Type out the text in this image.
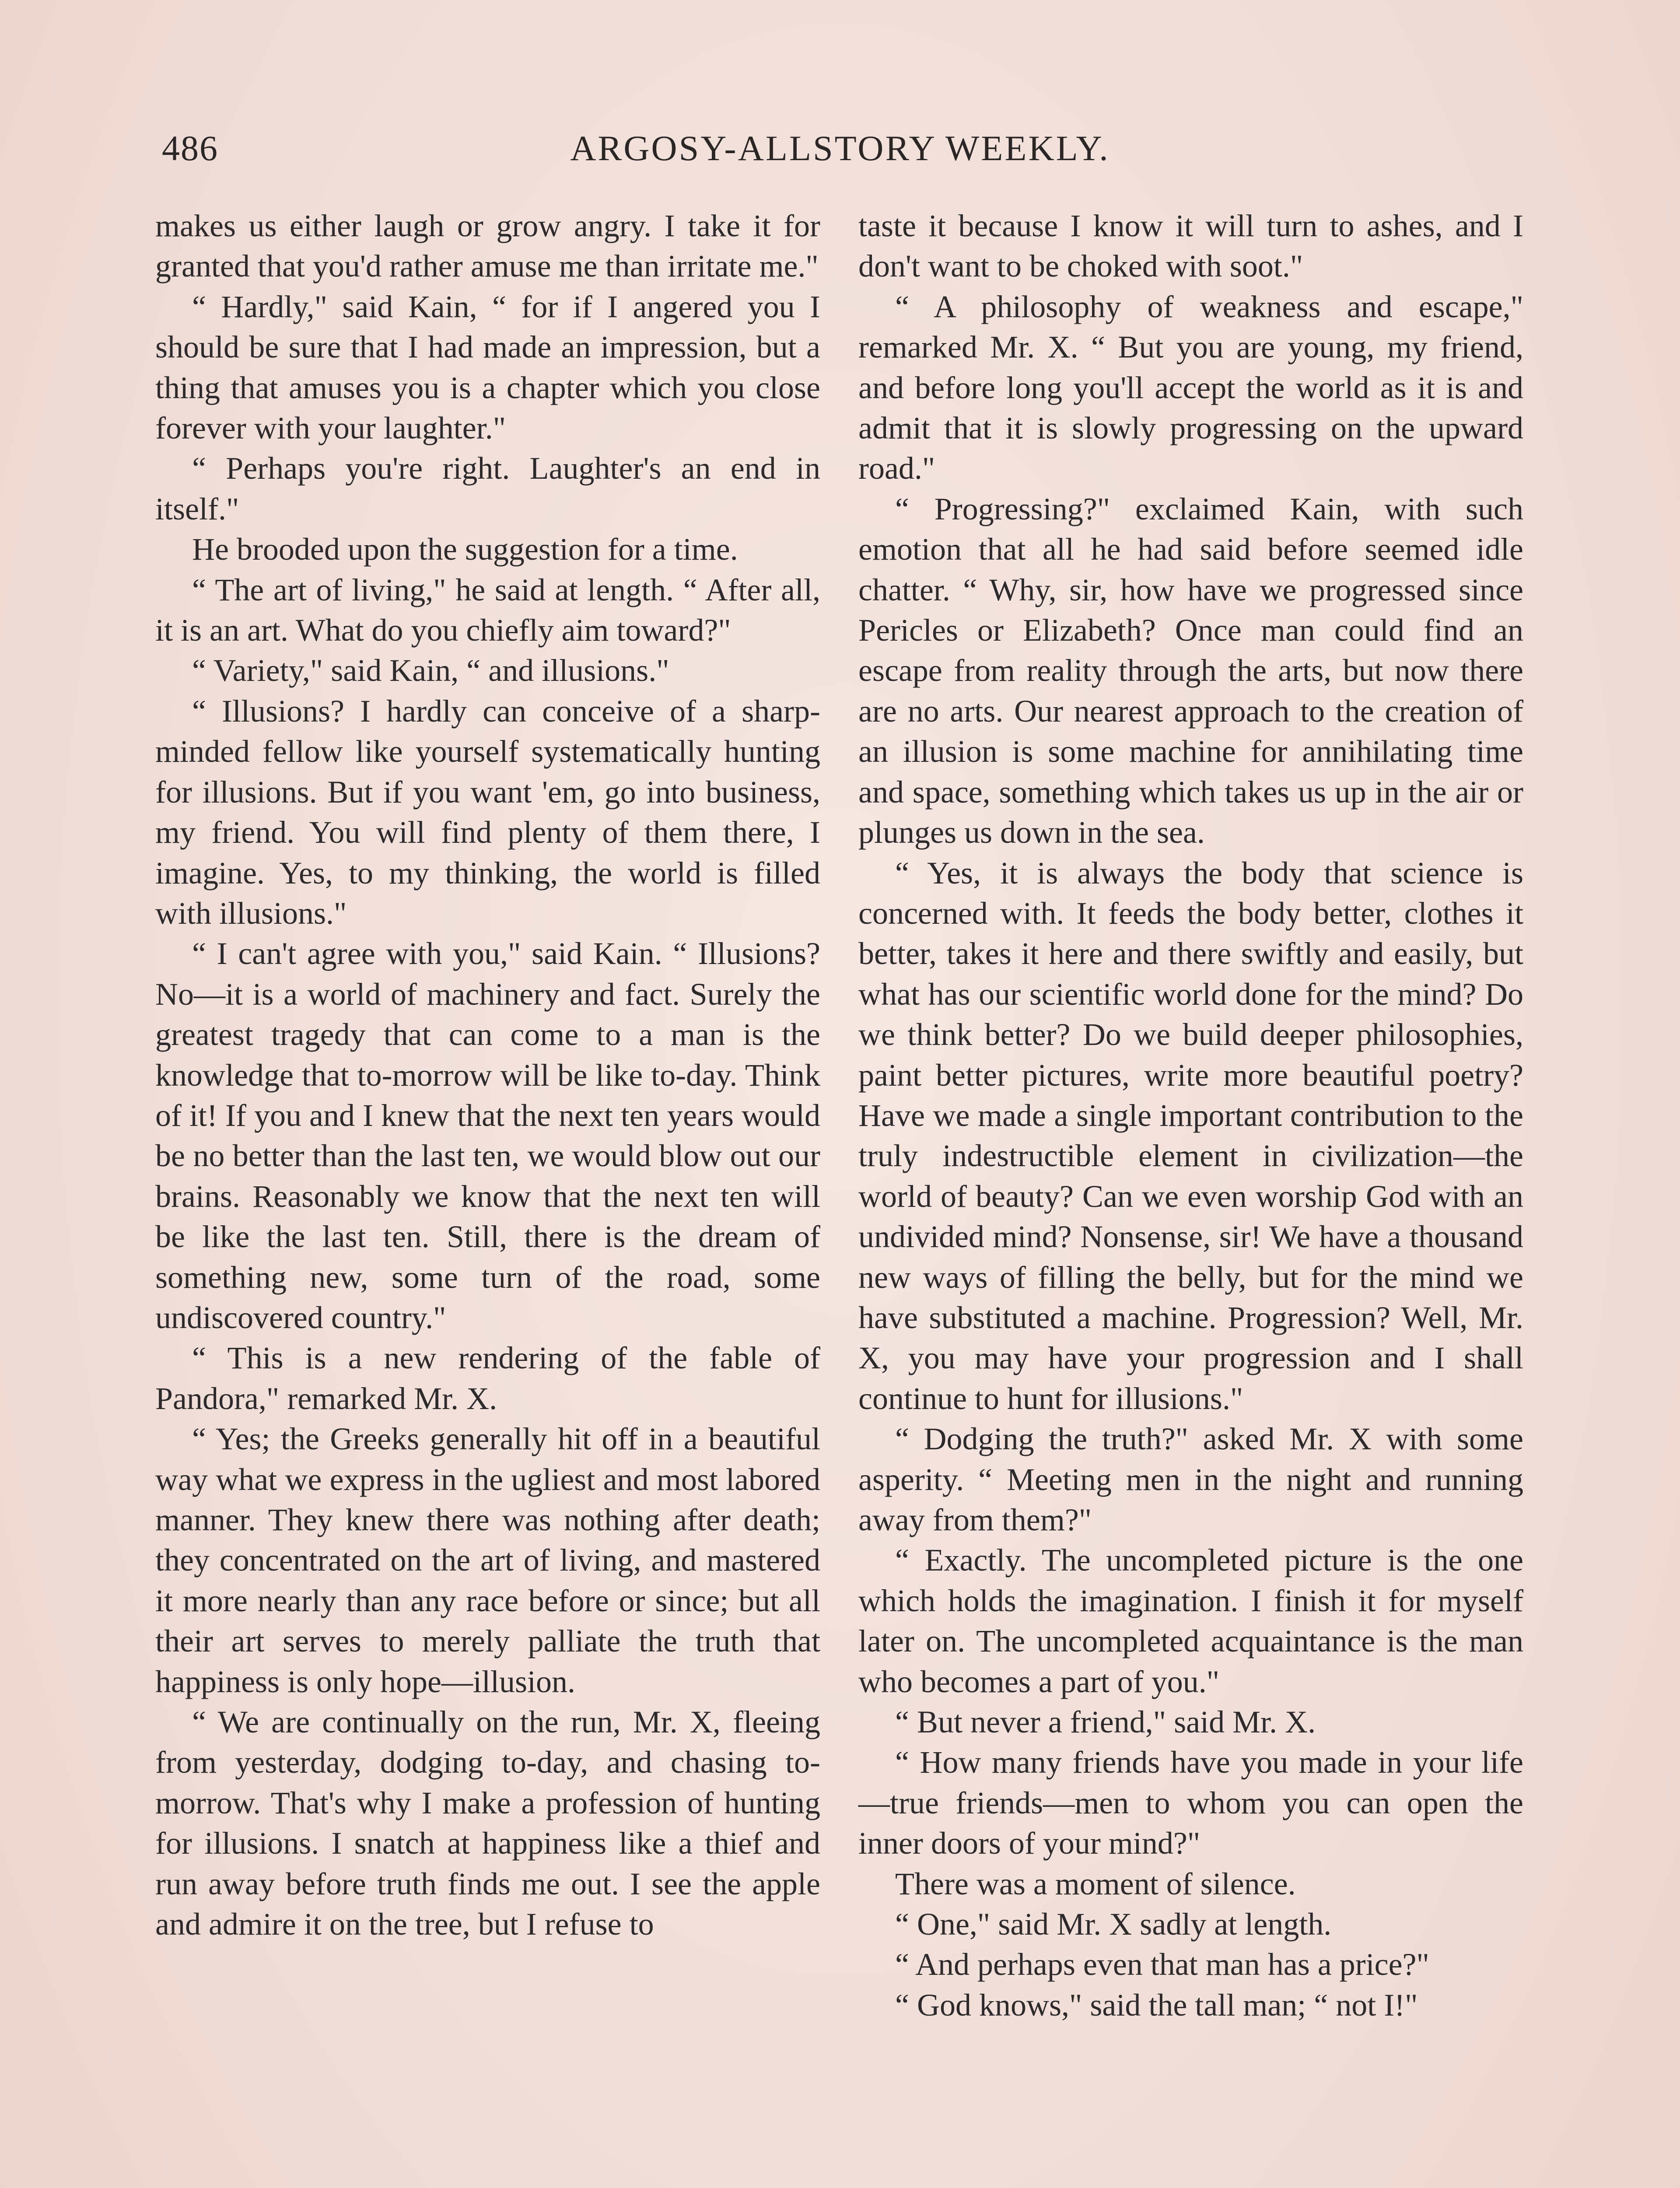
486	ARGOSY-ALLSTORY WEEKLY.

makes us either laugh or grow angry. I take it for granted that you'd rather amuse me than irritate me."

“ Hardly," said Kain, “ for if I angered you I should be sure that I had made an impression, but a thing that amuses you is a chapter which you close forever with your laughter."

“ Perhaps you're right. Laughter's an end in itself."

He brooded upon the suggestion for a time.

“ The art of living," he said at length. “ After all, it is an art. What do you chiefly aim toward?"

“ Variety," said Kain, “ and illusions."

“ Illusions? I hardly can conceive of a sharp-minded fellow like yourself systematically hunting for illusions. But if you want 'em, go into business, my friend. You will find plenty of them there, I imagine. Yes, to my thinking, the world is filled with illusions."

“ I can't agree with you," said Kain. “ Illusions? No—it is a world of machinery and fact. Surely the greatest tragedy that can come to a man is the knowledge that to-morrow will be like to-day. Think of it! If you and I knew that the next ten years would be no better than the last ten, we would blow out our brains. Reasonably we know that the next ten will be like the last ten. Still, there is the dream of something new, some turn of the road, some undiscovered country."

“ This is a new rendering of the fable of Pandora," remarked Mr. X.

“ Yes; the Greeks generally hit off in a beautiful way what we express in the ugliest and most labored manner. They knew there was nothing after death; they concentrated on the art of living, and mastered it more nearly than any race before or since; but all their art serves to merely palliate the truth that happiness is only hope—illusion.

“ We are continually on the run, Mr. X, fleeing from yesterday, dodging to-day, and chasing to-morrow. That's why I make a profession of hunting for illusions. I snatch at happiness like a thief and run away before truth finds me out. I see the apple and admire it on the tree, but I refuse to

taste it because I know it will turn to ashes, and I don't want to be choked with soot."

“ A philosophy of weakness and escape," remarked Mr. X. “ But you are young, my friend, and before long you'll accept the world as it is and admit that it is slowly progressing on the upward road."

“ Progressing?" exclaimed Kain, with such emotion that all he had said before seemed idle chatter. “ Why, sir, how have we progressed since Pericles or Elizabeth? Once man could find an escape from reality through the arts, but now there are no arts. Our nearest approach to the creation of an illusion is some machine for annihilating time and space, something which takes us up in the air or plunges us down in the sea.

“ Yes, it is always the body that science is concerned with. It feeds the body better, clothes it better, takes it here and there swiftly and easily, but what has our scientific world done for the mind? Do we think better? Do we build deeper philosophies, paint better pictures, write more beautiful poetry? Have we made a single important contribution to the truly indestructible element in civilization—the world of beauty? Can we even worship God with an undivided mind? Nonsense, sir! We have a thousand new ways of filling the belly, but for the mind we have substituted a machine. Progression? Well, Mr. X, you may have your progression and I shall continue to hunt for illusions."

“ Dodging the truth?" asked Mr. X with some asperity. “ Meeting men in the night and running away from them?"

“ Exactly. The uncompleted picture is the one which holds the imagination. I finish it for myself later on. The uncompleted acquaintance is the man who becomes a part of you."

“ But never a friend," said Mr. X.

“ How many friends have you made in your life—true friends—men to whom you can open the inner doors of your mind?"

There was a moment of silence.

“ One," said Mr. X sadly at length.

“ And perhaps even that man has a price?"

“ God knows," said the tall man; “ not I!"
